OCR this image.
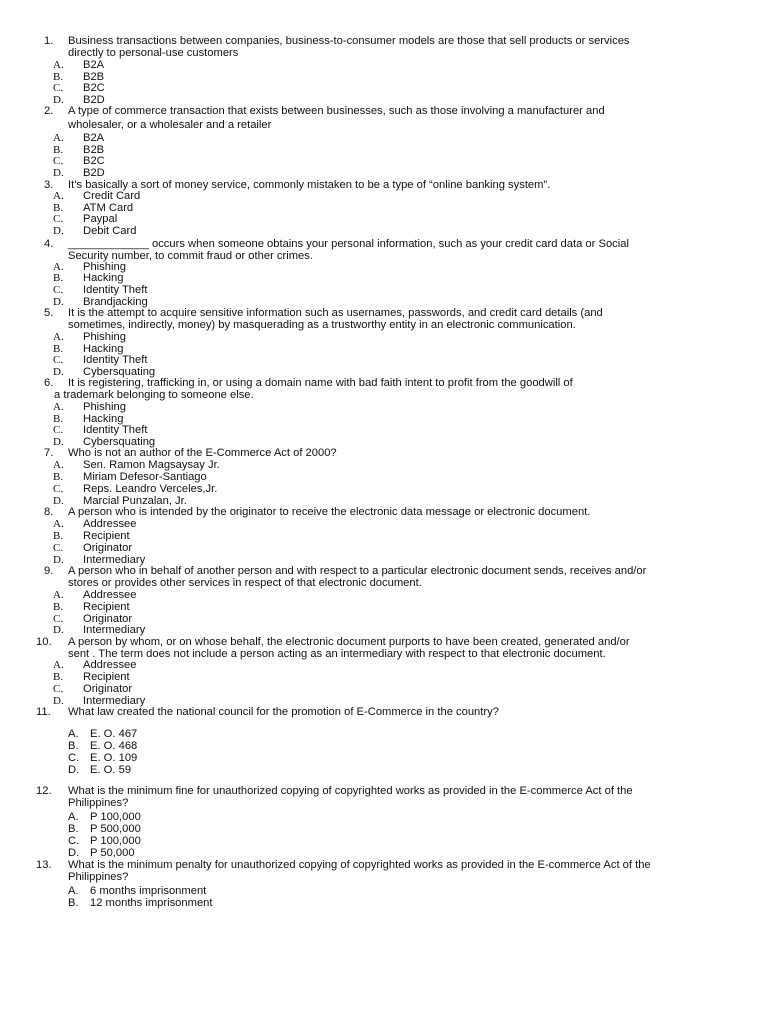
1.	Business transactions between companies, business-to-consumer models are those that sell products or services
directly to personal-use customers
A. B2A
B. B2B
C. B2C
D. B2D
2.	A type of commerce transaction that exists between businesses, such as those involving a manufacturer and
wholesaler, or a wholesaler and a retailer
A. B2A
B. B2B
C. B2C
D. B2D
3.	It’s basically a sort of money service, commonly mistaken to be a type of “online banking system”.
A. Credit Card
B. ATM Card
C. Paypal
D. Debit Card
4.	_____________ occurs when someone obtains your personal information, such as your credit card data or Social
Security number, to commit fraud or other crimes.
A. Phishing
B. Hacking
C. Identity Theft
D. Brandjacking
5.	It is the attempt to acquire sensitive information such as usernames, passwords, and credit card details (and
sometimes, indirectly, money) by masquerading as a trustworthy entity in an electronic communication.
A. Phishing
B. Hacking
C. Identity Theft
D. Cybersquating
6.	It is registering, trafficking in, or using a domain name with bad faith intent to profit from the goodwill of
a trademark belonging to someone else.
A. Phishing
B. Hacking
C. Identity Theft
D. Cybersquating
7.	Who is not an author of the E-Commerce Act of 2000?
A. Sen. Ramon Magsaysay Jr.
B. Miriam Defesor-Santiago
C. Reps. Leandro Verceles,Jr.
D. Marcial Punzalan, Jr.
8.	A person who is intended by the originator to receive the electronic data message or electronic document.
A. Addressee
B. Recipient
C. Originator
D. Intermediary
9.	A person who in behalf of another person and with respect to a particular electronic document sends, receives and/or
stores or provides other services in respect of that electronic document.
A. Addressee
B. Recipient
C. Originator
D. Intermediary
10.	A person by whom, or on whose behalf, the electronic document purports to have been created, generated and/or
sent . The term does not include a person acting as an intermediary with respect to that electronic document.
A. Addressee
B. Recipient
C. Originator
D. Intermediary
11.	What law created the national council for the promotion of E-Commerce in the country?
A. E. O. 467
B. E. O. 468
C. E. O. 109
D. E. O. 59
12.	What is the minimum fine for unauthorized copying of copyrighted works as provided in the E-commerce Act of the
Philippines?
A. P 100,000
B. P 500,000
C. P 100,000
D. P 50,000
13.	What is the minimum penalty for unauthorized copying of copyrighted works as provided in the E-commerce Act of the
Philippines?
A. 6 months imprisonment
B. 12 months imprisonment
